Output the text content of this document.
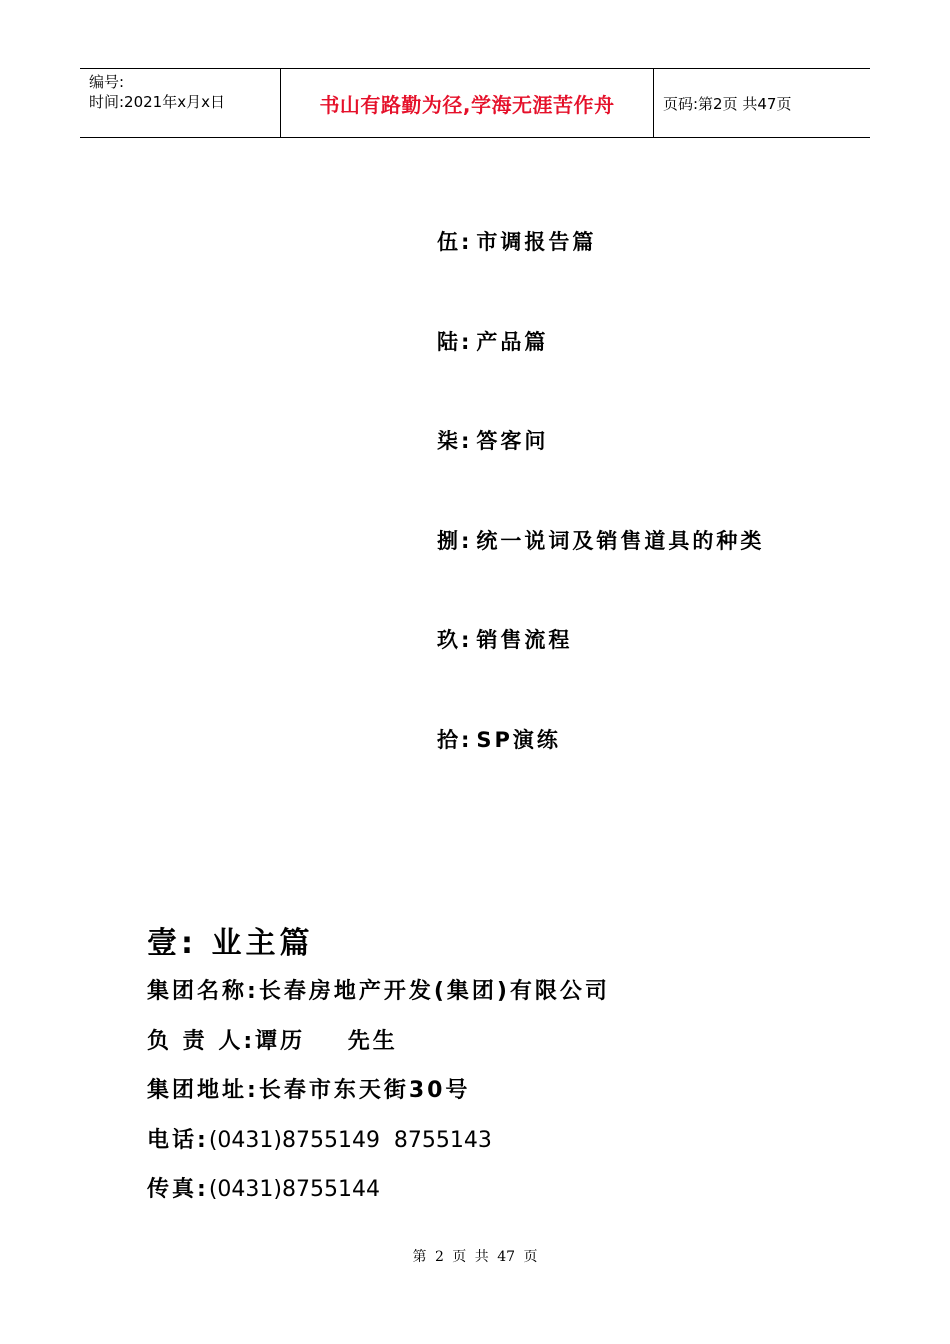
编号:
时间:2021年x月x日	书山有路勤为径,学海无涯苦作舟	页码:第2页 共47页
伍: 市调报告篇
陆: 产品篇
柒: 答客问
捌: 统一说词及销售道具的种类
玖: 销售流程
拾: SP演练
壹: 业主篇
集团名称:长春房地产开发(集团)有限公司
负 责 人:谭历    先生
集团地址:长春市东天街30号
电话:(0431)8755149  8755143
传真:(0431)8755144
第 2 页 共 47 页
